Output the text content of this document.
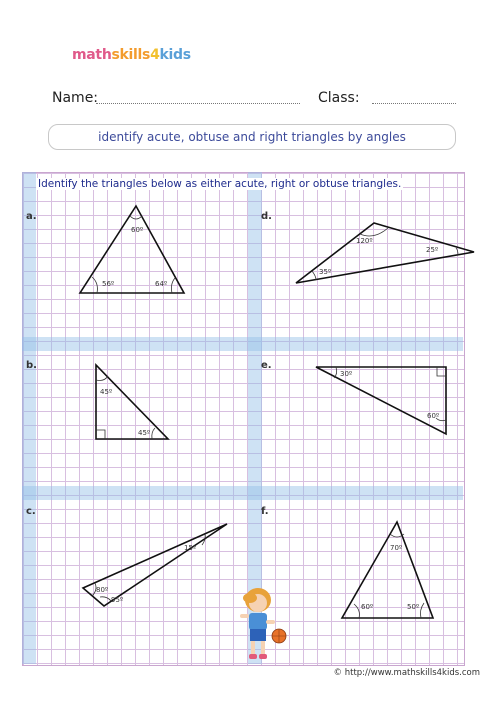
mathskills4kids
Name:	Class:
identify acute, obtuse and right triangles by angles
Identify the triangles below as either acute, right or obtuse triangles.
a.	d.
b.	e.
c.	f.
60º
56º	64º
120º
25º
35º
45º
45º
30º
60º
15º
80º
95º
70º
60º	50º
© http://www.mathskills4kids.com
